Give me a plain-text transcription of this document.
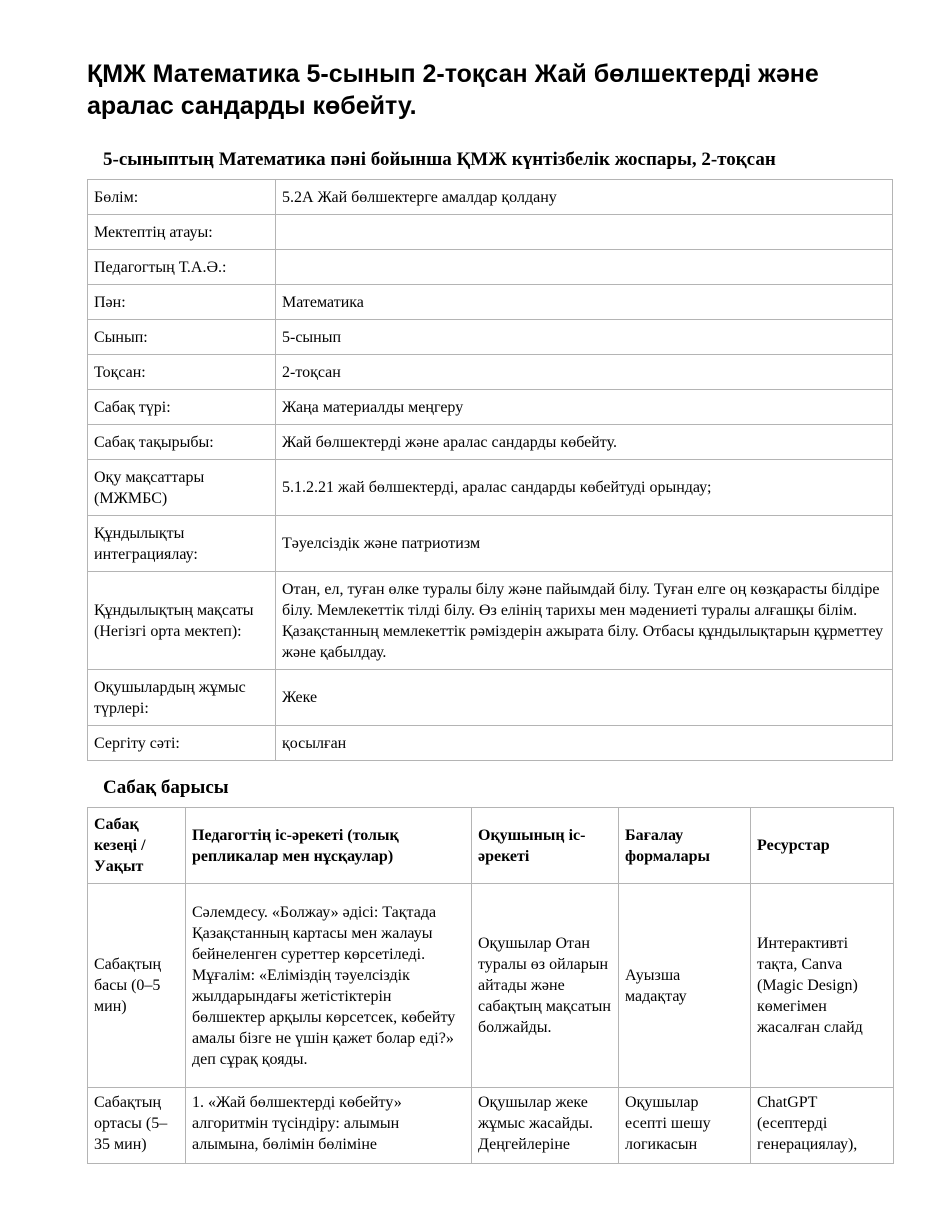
ҚМЖ Математика 5-сынып 2-тоқсан Жай бөлшектерді және аралас сандарды көбейту.
5-сыныптың Математика пәні бойынша ҚМЖ күнтізбелік жоспары, 2-тоқсан
Бөлім:	5.2А Жай бөлшектерге амалдар қолдану
Мектептің атауы:	
Педагогтың Т.А.Ә.:	
Пән:	Математика
Сынып:	5-сынып
Тоқсан:	2-тоқсан
Сабақ түрі:	Жаңа материалды меңгеру
Сабақ тақырыбы:	Жай бөлшектерді және аралас сандарды көбейту.
Оқу мақсаттары (МЖМБС)	5.1.2.21 жай бөлшектерді, аралас сандарды көбейтуді орындау;
Құндылықты интеграциялау:	Тәуелсіздік және патриотизм
Құндылықтың мақсаты (Негізгі орта мектеп):	Отан, ел, туған өлке туралы білу және пайымдай білу. Туған елге оң көзқарасты білдіре білу. Мемлекеттік тілді білу. Өз елінің тарихы мен мәдениеті туралы алғашқы білім. Қазақстанның мемлекеттік рәміздерін ажырата білу. Отбасы құндылықтарын құрметтеу және қабылдау.
Оқушылардың жұмыс түрлері:	Жеке
Сергіту сәті:	қосылған
Сабақ барысы
Сабақ кезеңі / Уақыт	Педагогтің іс-әрекеті (толық репликалар мен нұсқаулар)	Оқушының іс-әрекеті	Бағалау формалары	Ресурстар
Сабақтың басы (0–5 мин)	Сәлемдесу. «Болжау» әдісі: Тақтада Қазақстанның картасы мен жалауы бейнеленген суреттер көрсетіледі. Мұғалім: «Еліміздің тәуелсіздік жылдарындағы жетістіктерін бөлшектер арқылы көрсетсек, көбейту амалы бізге не үшін қажет болар еді?» деп сұрақ қояды.	Оқушылар Отан туралы өз ойларын айтады және сабақтың мақсатын болжайды.	Ауызша мадақтау	Интерактивті тақта, Canva (Magic Design) көмегімен жасалған слайд
Сабақтың ортасы (5–35 мин)	1. «Жай бөлшектерді көбейту» алгоритмін түсіндіру: алымын алымына, бөлімін бөліміне	Оқушылар жеке жұмыс жасайды. Деңгейлеріне	Оқушылар есепті шешу логикасын	ChatGPT (есептерді генерациялау),
